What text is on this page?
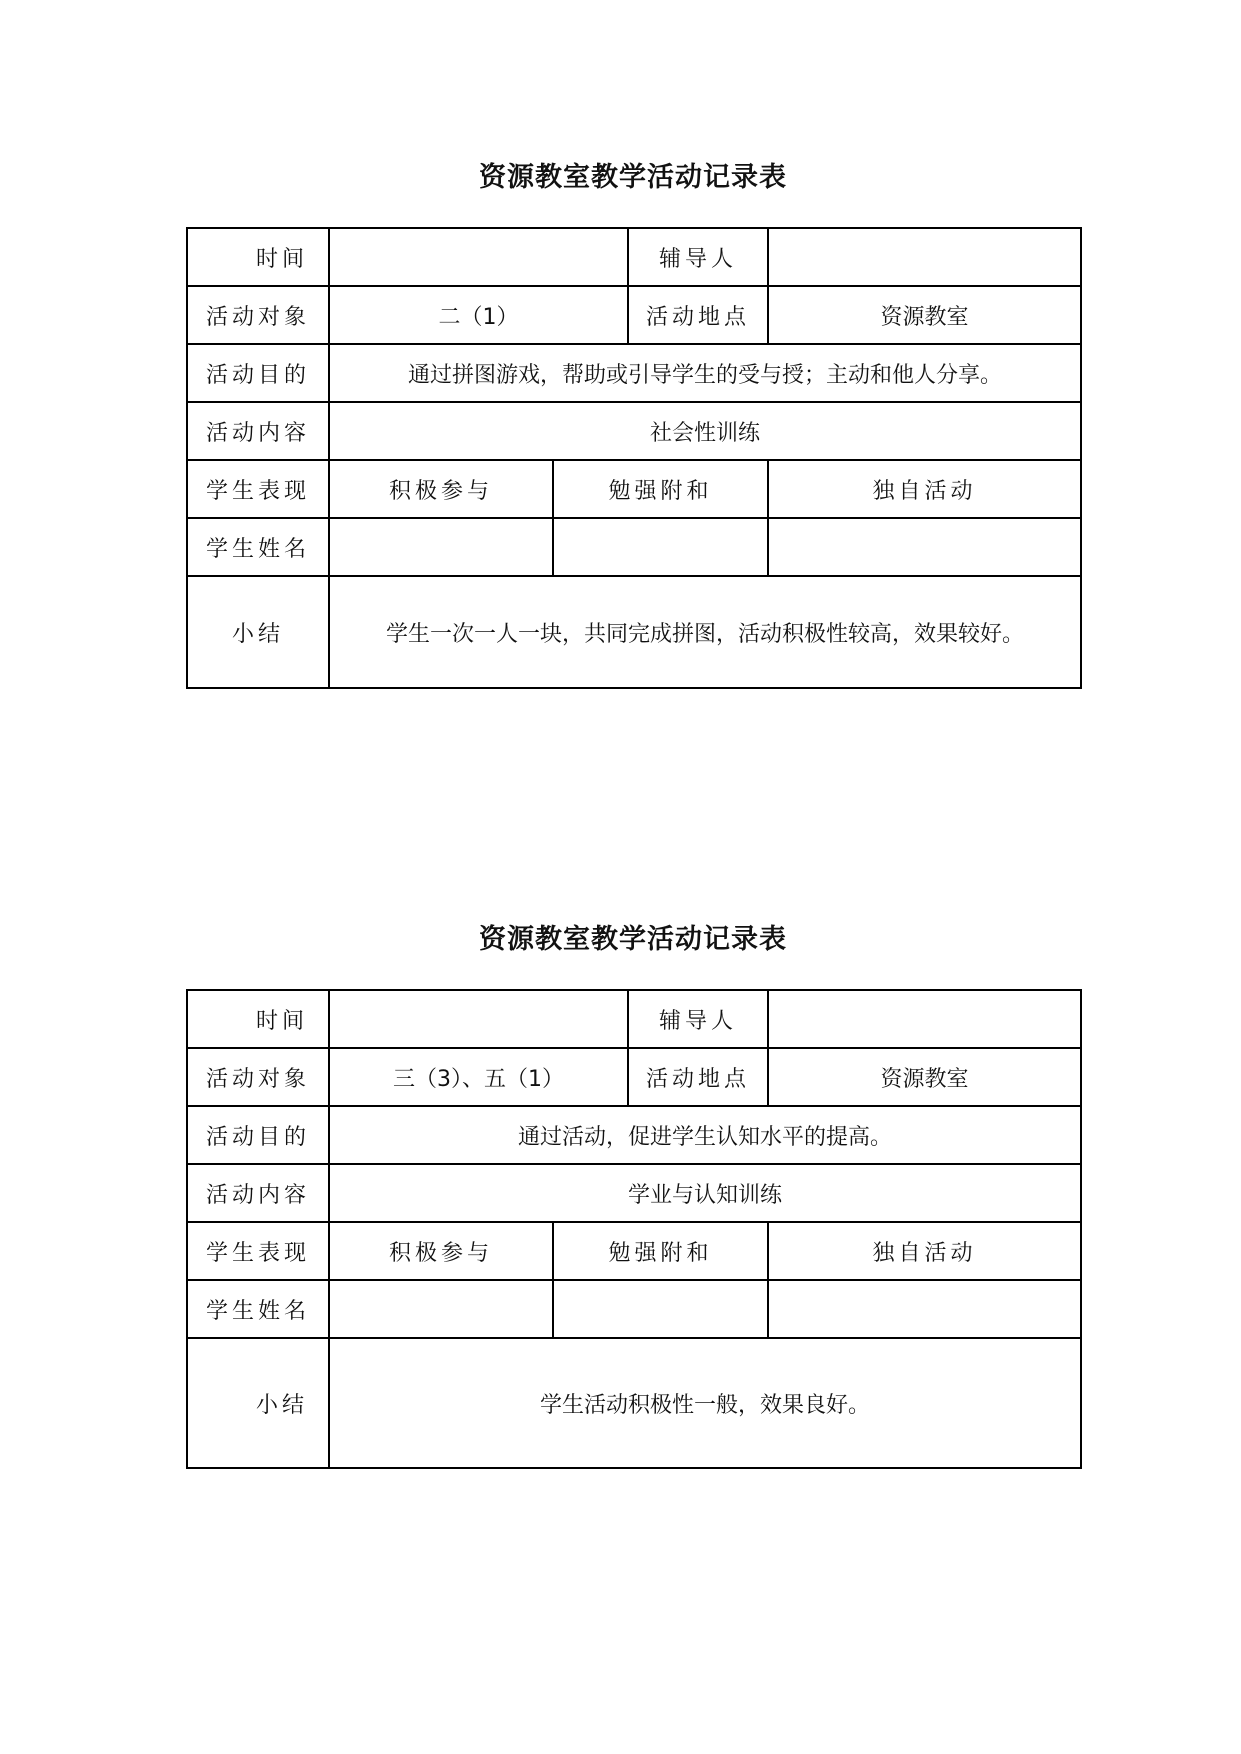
资源教室教学活动记录表
时间			辅导人	
活动对象	二（1）		活动地点	资源教室
活动目的	通过拼图游戏，帮助或引导学生的受与授；主动和他人分享。			
活动内容	社会性训练			
学生表现	积极参与	勉强附和		独自活动
学生姓名				
小结	学生一次一人一块，共同完成拼图，活动积极性较高，效果较好。			
资源教室教学活动记录表
时间			辅导人	
活动对象	三（3）、五（1）		活动地点	资源教室
活动目的	通过活动，促进学生认知水平的提高。			
活动内容	学业与认知训练			
学生表现	积极参与	勉强附和		独自活动
学生姓名				
小结	学生活动积极性一般，效果良好。			
